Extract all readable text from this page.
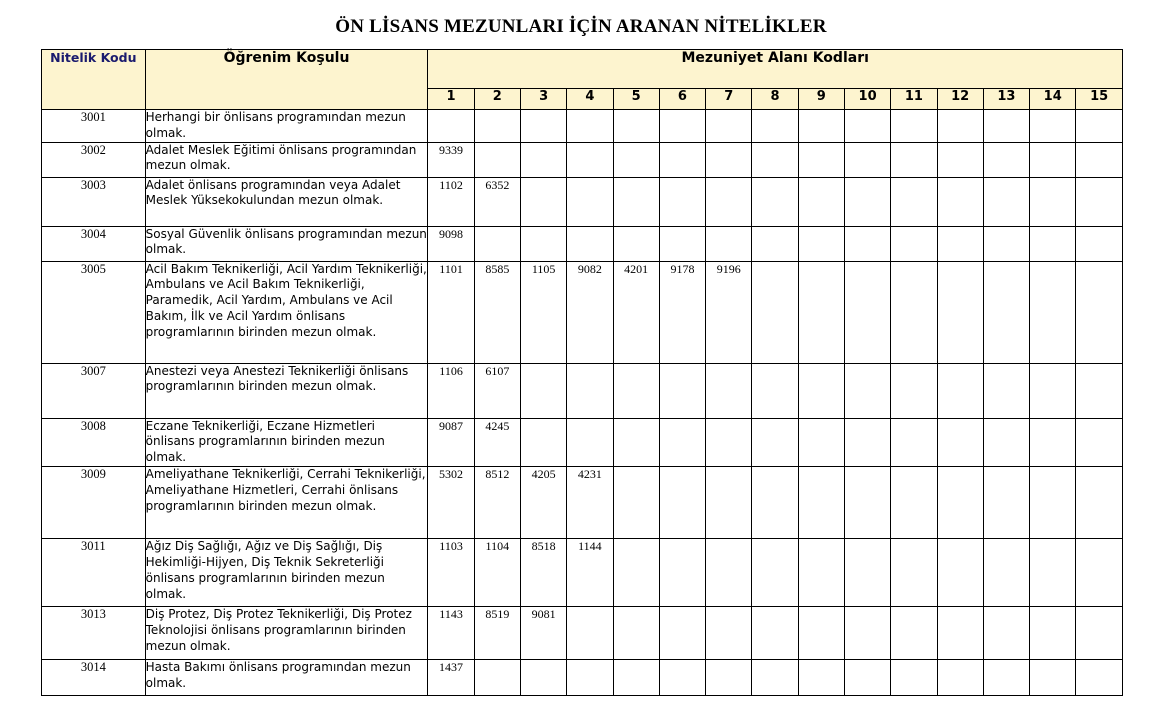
ÖN LİSANS MEZUNLARI İÇİN ARANAN NİTELİKLER
Nitelik Kodu	Öğrenim Koşulu	Mezuniyet Alanı Kodları														
		1	2	3	4	5	6	7	8	9	10	11	12	13	14	15
3001	Herhangi bir önlisans programından mezun olmak.															
3002	Adalet Meslek Eğitimi önlisans programından mezun olmak.	9339														
3003	Adalet önlisans programından veya Adalet Meslek Yüksekokulundan mezun olmak.	1102	6352													
3004	Sosyal Güvenlik önlisans programından mezun olmak.	9098														
3005	Acil Bakım Teknikerliği, Acil Yardım Teknikerliği, Ambulans ve Acil Bakım Teknikerliği, Paramedik, Acil Yardım, Ambulans ve Acil Bakım, İlk ve Acil Yardım önlisans programlarının birinden mezun olmak.	1101	8585	1105	9082	4201	9178	9196								
3007	Anestezi veya Anestezi Teknikerliği önlisans programlarının birinden mezun olmak.	1106	6107													
3008	Eczane Teknikerliği, Eczane Hizmetleri önlisans programlarının birinden mezun olmak.	9087	4245													
3009	Ameliyathane Teknikerliği, Cerrahi Teknikerliği, Ameliyathane Hizmetleri, Cerrahi önlisans programlarının birinden mezun olmak.	5302	8512	4205	4231											
3011	Ağız Diş Sağlığı, Ağız ve Diş Sağlığı, Diş Hekimliği-Hijyen, Diş Teknik Sekreterliği önlisans programlarının birinden mezun olmak.	1103	1104	8518	1144											
3013	Diş Protez, Diş Protez Teknikerliği, Diş Protez Teknolojisi önlisans programlarının birinden mezun olmak.	1143	8519	9081												
3014	Hasta Bakımı önlisans programından mezun olmak.	1437														
